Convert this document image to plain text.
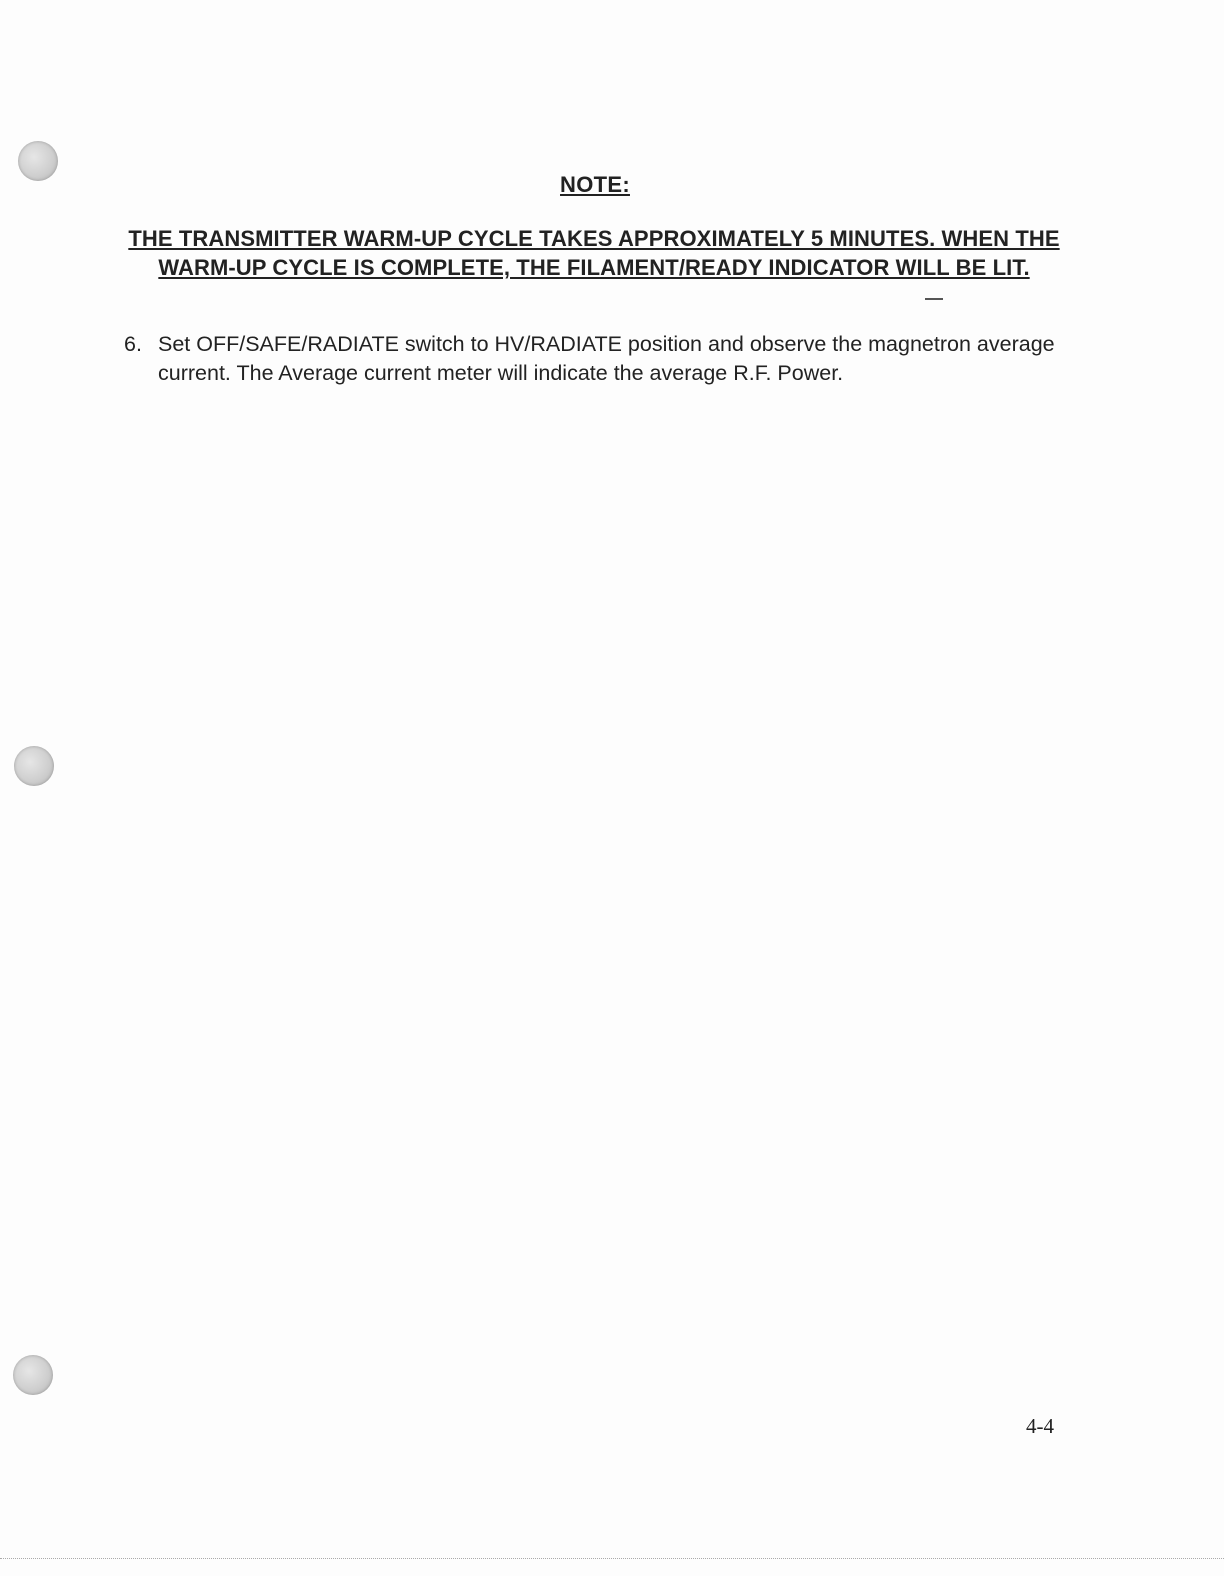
NOTE:
THE TRANSMITTER WARM-UP CYCLE TAKES APPROXIMATELY 5 MINUTES. WHEN THE WARM-UP CYCLE IS COMPLETE, THE FILAMENT/READY INDICATOR WILL BE LIT.
6. Set OFF/SAFE/RADIATE switch to HV/RADIATE position and observe the magnetron average current. The Average current meter will indicate the average R.F. Power.
4-4
